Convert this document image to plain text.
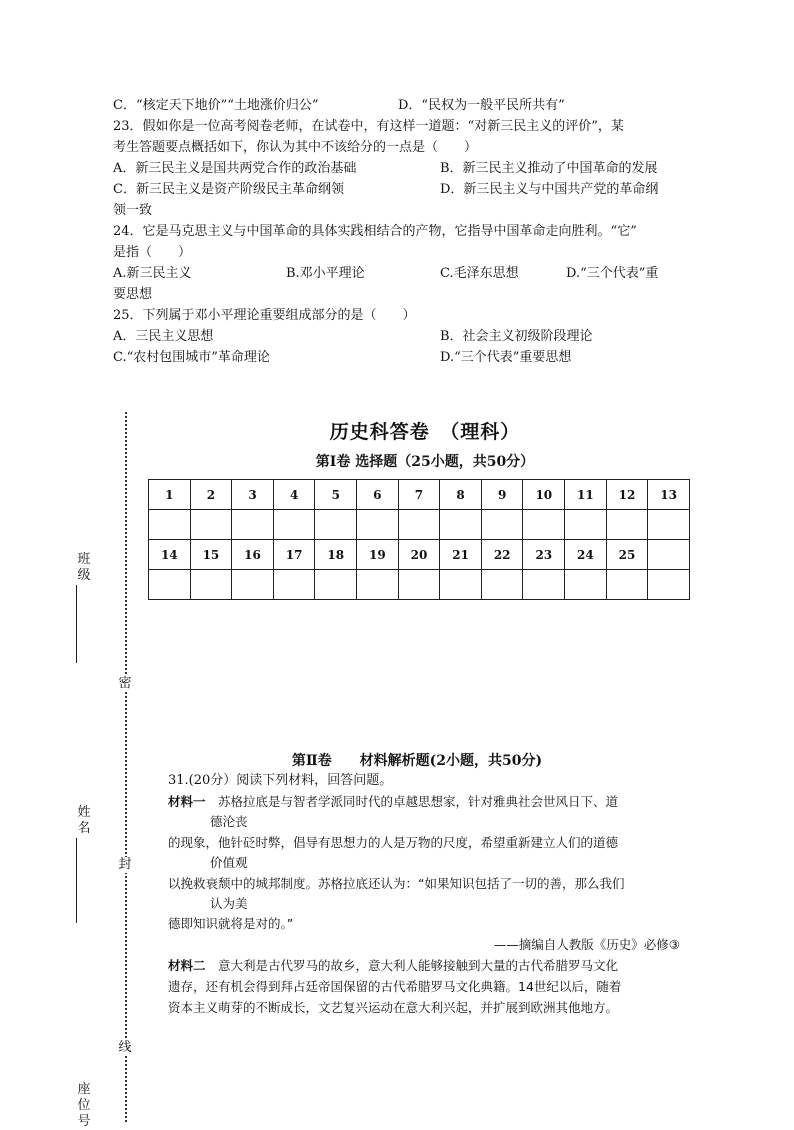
C．“核定天下地价”“土地涨价归公”	D．“民权为一般平民所共有”
23．假如你是一位高考阅卷老师，在试卷中，有这样一道题：“对新三民主义的评价”，某
考生答题要点概括如下，你认为其中不该给分的一点是（　　）
A．新三民主义是国共两党合作的政治基础	B．新三民主义推动了中国革命的发展
C．新三民主义是资产阶级民主革命纲领	D．新三民主义与中国共产党的革命纲
领一致
24．它是马克思主义与中国革命的具体实践相结合的产物，它指导中国革命走向胜利。“它”
是指（　　）
A.新三民主义	B.邓小平理论	C.毛泽东思想	D.“三个代表”重
要思想
25．下列属于邓小平理论重要组成部分的是（　　）
A．三民主义思想	B．社会主义初级阶段理论
C.“农村包围城市”革命理论	D.“三个代表”重要思想
密
封
线
班级
姓名
座位号
历史科答卷　（理科）
第Ⅰ卷 选择题（25小题，共50分）
1	2	3	4	5	6	7	8	9	10	11	12	13

14	15	16	17	18	19	20	21	22	23	24	25	

第Ⅱ卷　　材料解析题(2小题，共50分)
31.(20分）阅读下列材料，回答问题。
材料一　 苏格拉底是与智者学派同时代的卓越思想家，针对雅典社会世风日下、道
德沦丧
的现象，他针砭时弊，倡导有思想力的人是万物的尺度，希望重新建立人们的道德
价值观
以挽救衰颓中的城邦制度。苏格拉底还认为：“如果知识包括了一切的善，那么我们
认为美
德即知识就将是对的。”
——摘编自人教版《历史》必修③
材料二　 意大利是古代罗马的故乡，意大利人能够接触到大量的古代希腊罗马文化
遗存，还有机会得到拜占廷帝国保留的古代希腊罗马文化典籍。14世纪以后，随着
资本主义萌芽的不断成长，文艺复兴运动在意大利兴起，并扩展到欧洲其他地方。
